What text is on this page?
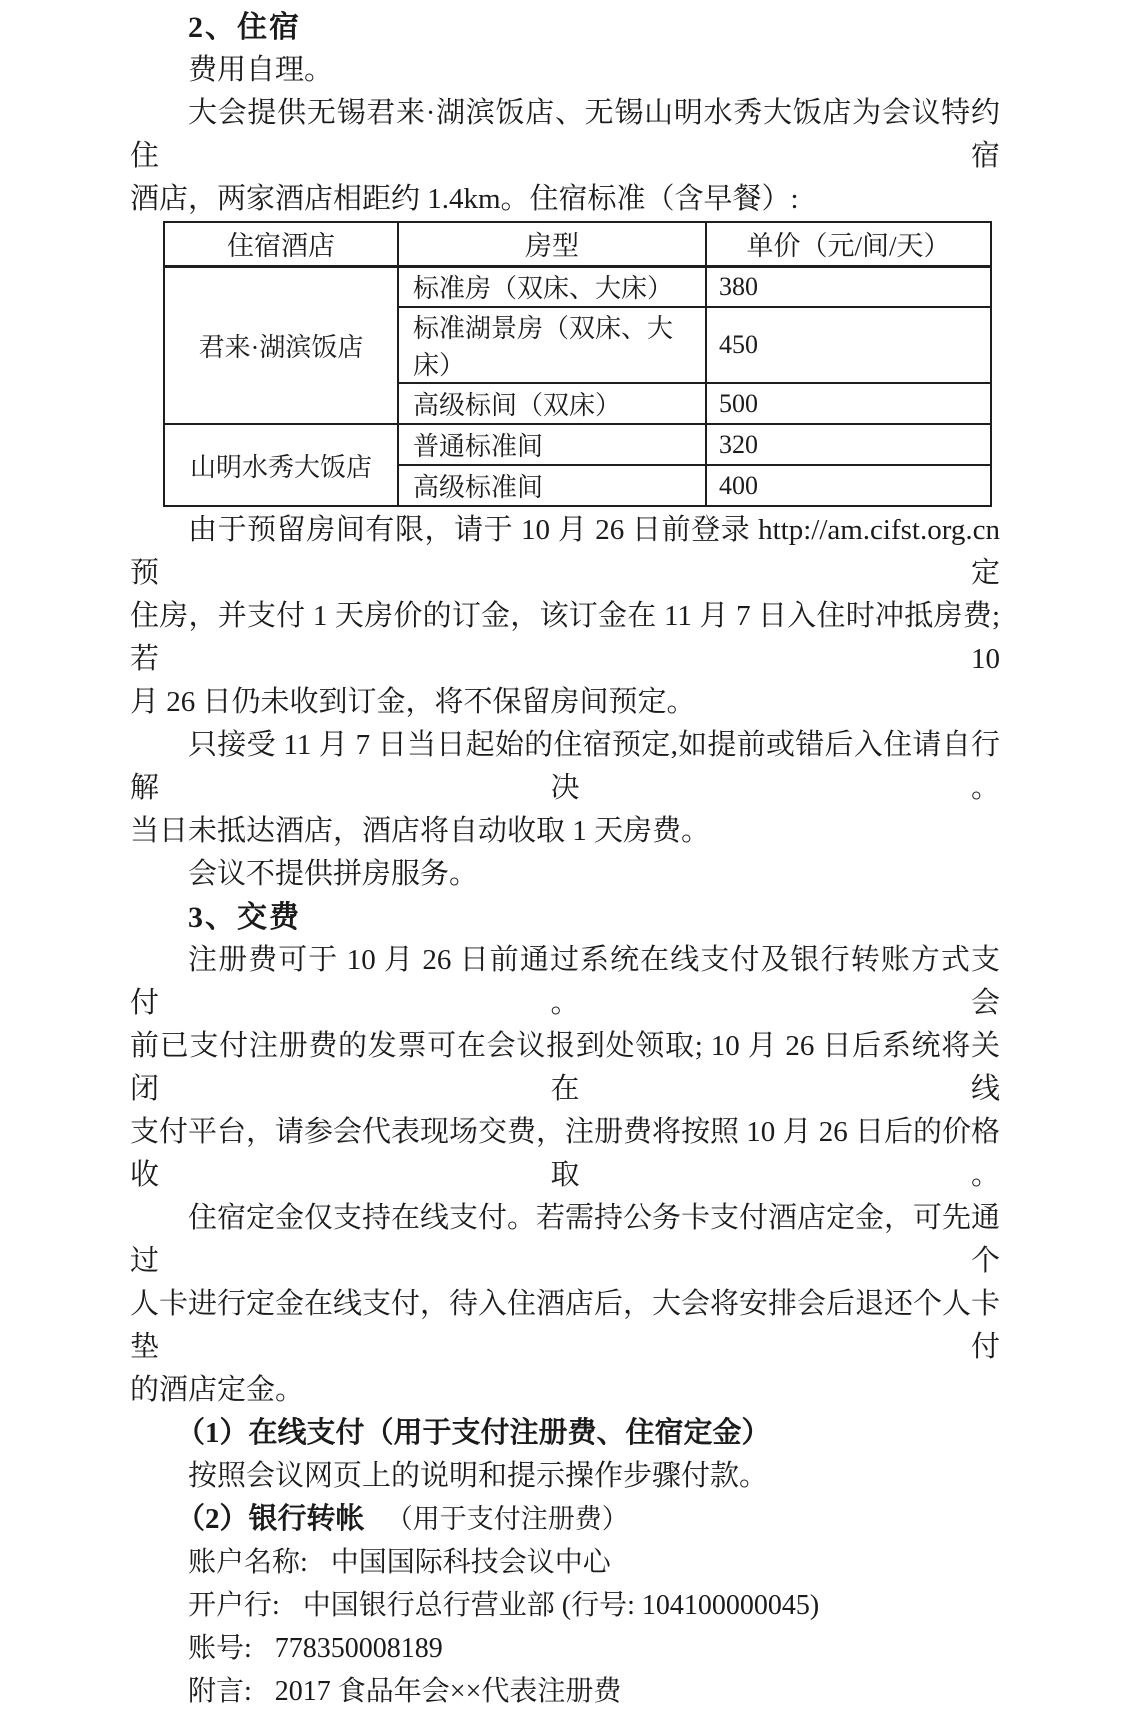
2、住宿
费用自理。
大会提供无锡君来·湖滨饭店、无锡山明水秀大饭店为会议特约住宿
酒店，两家酒店相距约 1.4km。住宿标准（含早餐）:
住宿酒店	房型	单价（元/间/天）
君来·湖滨饭店	标准房（双床、大床）	380
	标准湖景房（双床、大床）	450
	高级标间（双床）	500
山明水秀大饭店	普通标准间	320
	高级标准间	400
由于预留房间有限，请于 10 月 26 日前登录 http://am.cifst.org.cn 预定
住房，并支付 1 天房价的订金，该订金在 11 月 7 日入住时冲抵房费; 若 10
月 26 日仍未收到订金，将不保留房间预定。
只接受 11 月 7 日当日起始的住宿预定,如提前或错后入住请自行解决。
当日未抵达酒店，酒店将自动收取 1 天房费。
会议不提供拼房服务。
3、交费
注册费可于 10 月 26 日前通过系统在线支付及银行转账方式支付。会
前已支付注册费的发票可在会议报到处领取; 10 月 26 日后系统将关闭在线
支付平台，请参会代表现场交费，注册费将按照 10 月 26 日后的价格收取。
住宿定金仅支持在线支付。若需持公务卡支付酒店定金，可先通过个
人卡进行定金在线支付，待入住酒店后，大会将安排会后退还个人卡垫付
的酒店定金。
（1）在线支付（用于支付注册费、住宿定金）
按照会议网页上的说明和提示操作步骤付款。
（2）银行转帐 （用于支付注册费）
账户名称: 中国国际科技会议中心
开户行: 中国银行总行营业部 (行号: 104100000045)
账号: 778350008189
附言: 2017 食品年会××代表注册费
